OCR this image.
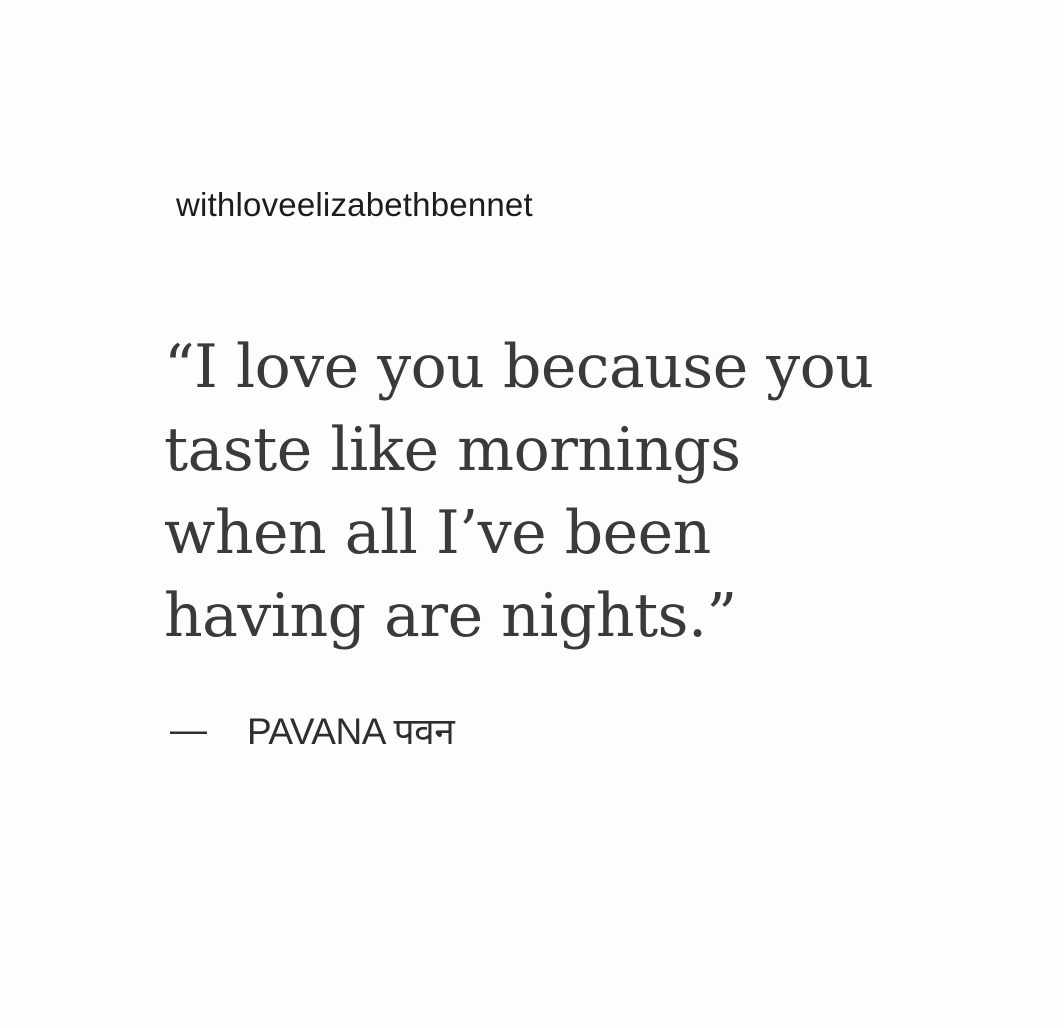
withloveelizabethbennet

“I love you because you
taste like mornings
when all I’ve been
having are nights.”

— PAVANA पवन
